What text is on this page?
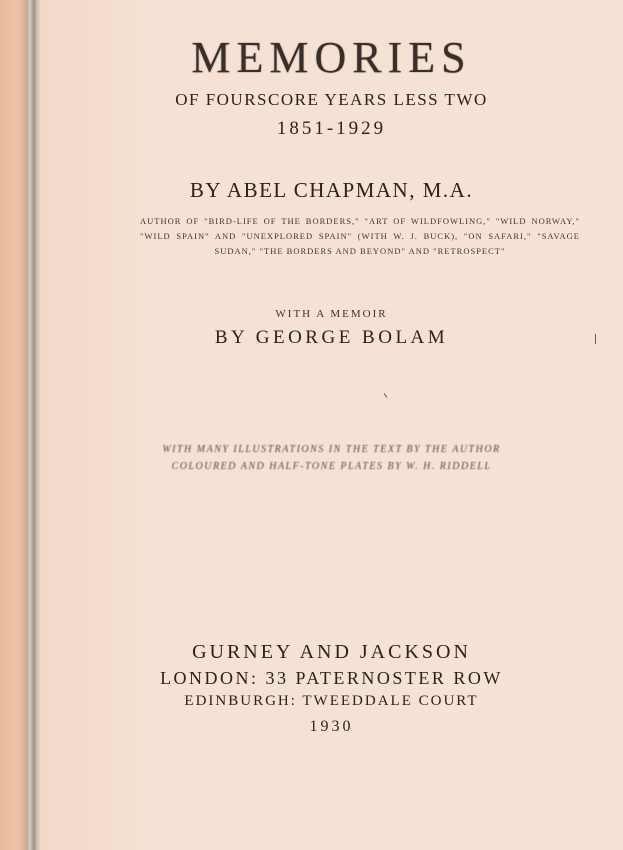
MEMORIES
OF FOURSCORE YEARS LESS TWO
1851-1929
BY ABEL CHAPMAN, M.A.
AUTHOR OF "BIRD-LIFE OF THE BORDERS," "ART OF WILDFOWLING," "WILD NORWAY," "WILD SPAIN" AND "UNEXPLORED SPAIN" (WITH W. J. BUCK), "ON SAFARI," "SAVAGE SUDAN," "THE BORDERS AND BEYOND" AND "RETROSPECT"
WITH A MEMOIR
BY GEORGE BOLAM
WITH MANY ILLUSTRATIONS IN THE TEXT BY THE AUTHOR
COLOURED AND HALF-TONE PLATES BY W. H. RIDDELL
GURNEY AND JACKSON
LONDON: 33 PATERNOSTER ROW
EDINBURGH: TWEEDDALE COURT
1930
